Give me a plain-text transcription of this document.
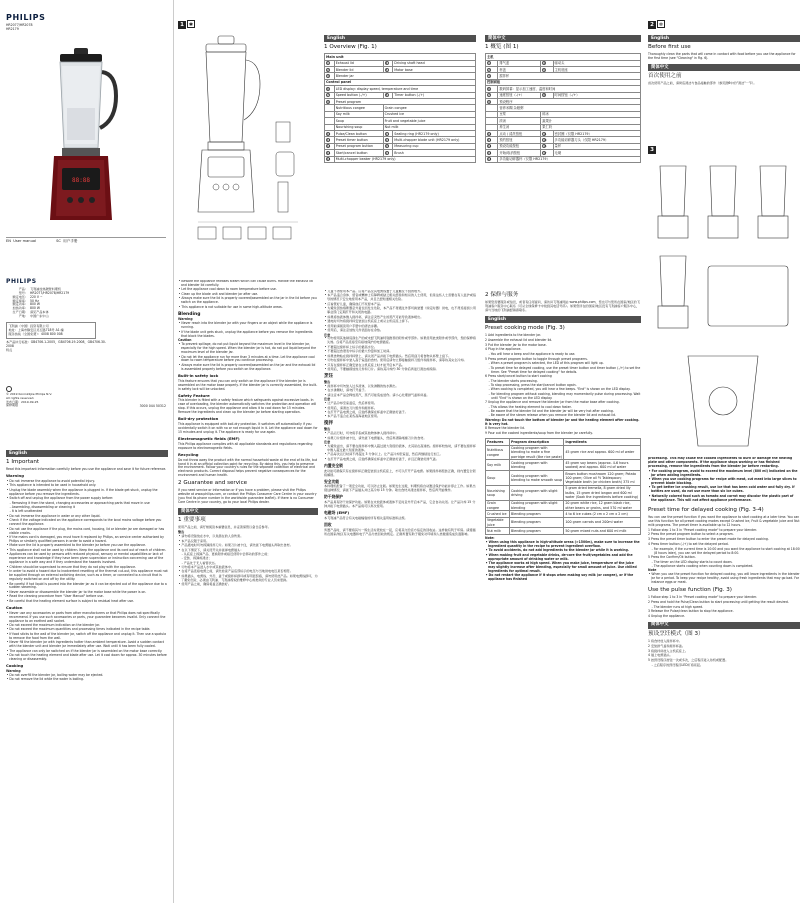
PHILIPS
HR2077/HR2078
HR2179
88:88
EN User manual	SC 用户手册
PHILIPS
产品： 飞利浦加热破壁料理机
型号： HR2077/HR2078/HR2179
额定电压： 220 V ~
额定频率： 50 Hz
额定功率： 800 W
加热功率： 800 W
生产日期： 请见产品本体
产地： 中国广东中山
飞利浦（中国）投资有限公司
地址：上海市静安区灵石路718号 A1 幢
服务热线（全国免费）：4008 800 008
本产品执行标准：GB4706.1-2005，GB4706.19-2008，GB4706.30-2008
特点
© 2019 Koninklijke Philips N.V.
All rights reserved.
发布日期：2019-09-25
保修期限	3000 044 50312
English
1 Important
Read this important information carefully before you use the appliance and save it for future reference.
Warning
• Do not immerse the appliance to avoid potential injury.
• This appliance is intended to be used in household only.
• Unplug the blade assembly when the appliance is plugged in. If the blade get stuck, unplug the appliance before you remove the ingredients.
• Switch off and unplug the appliance from the power supply before:
- Removing it from the stand, changing accessories or approaching parts that move in use
- Assembling, disassembling or cleaning it
- It is left unattended
• Do not immerse the appliance in water or any other liquid.
• Check if the voltage indicated on the appliance corresponds to the local mains voltage before you connect the appliance.
• Do not use the appliance if the plug, the mains cord, housing, lid or blender jar are damaged or has visible cracks.
• If the mains cord is damaged, you must have it replaced by Philips, an service center authorized by Philips or similarly qualified persons in order to avoid a hazard.
• Make sure the lid is properly assembled to the blender jar before you use the appliance.
• This appliance shall not be used by children. Keep the appliance and its cord out of reach of children.
• Appliances can be used by persons with reduced physical, sensory or mental capabilities or lack of experience and knowledge if they have been given supervision or instruction concerning use of the appliance in a safe way and if they understand the hazards involved.
• Children should be supervised to ensure that they do not play with the appliance.
• In order to avoid a hazard due to inadvertent resetting of the thermal cut-out, this appliance must not be supplied through an external switching device, such as a timer, or connected to a circuit that is regularly switched on and off by the utility.
• Be careful if hot liquid is poured into the blender jar as it can be ejected out of the appliance due to a sudden steaming.
• Never assemble or disassemble the blender jar to the motor base while the power is on.
• Read the cleaning procedure from "User Manual" before use.
• Be careful that the heating element surface is subject to residual heat after use.
Caution
• Never use any accessories or parts from other manufacturers or that Philips does not specifically recommend. If you use such accessories or parts, your guarantee becomes invalid. Only connect the appliance to an earthed wall socket.
• Do not exceed the maximum indication on the blender jar.
• Do not exceed the maximum quantities and processing times indicated in the recipe table.
• If food sticks to the wall of the blender jar, switch off the appliance and unplug it. Then use a spatula to remove the food from the wall.
• Never fill the blender jar with ingredients hotter than ambient temperature. Avoid a sudden contact with the blender unit and blender jar immediately after use. Wait until it has been fully cooled.
• The appliance can only be switched on if the blender jar is assembled on the motor base correctly.
• Do not touch the heating element and blade after use. Let it cool down for approx. 30 minutes before cleaning or disassembly.
Cooking
Warning
• Do not overfill the blender jar, boiling water may be ejected.
• Do not remove the lid while the water is boiling.
1 ✱
• Beware the appliance releases steam which can cause burns. Handle the exhaust lid and blender lid carefully.
• Let the appliance cool down to room temperature before use.
• Clean up the blade unit and blender jar after use.
• Always make sure the lid is properly covered/assembled on the jar in the lid before you switch on the appliance.
• This appliance is not suitable for use in some high-altitude areas.
Blending
Warning
• Never reach into the blender jar with your fingers or an object while the appliance is running.
• If the blade unit gets stuck, unplug the appliance before you remove the ingredients that block the blades.
Caution
• To prevent spillage, do not put liquid beyond the maximum level in the blender jar, especially for the high speed. When the blender jar is hot, do not put liquid beyond the maximum level of the blender jar.
• Do not let the appliance run for more than 3 minutes at a time. Let the appliance cool down to room temperature before you continue processing.
• Always make sure the lid is properly covered/assembled on the jar and the exhaust lid is assembled properly before you switch on the appliance.
Built-in safety lock
This feature ensures that you can only switch on the appliance if the blender jar is assembled on the motor base properly. If the blender jar is correctly assembled, the built-in safety lock will be unlocked.
Safety Feature
This blender is fitted with a safety feature which safeguards against excessive loads. In case of overloading, the blender automatically switches the protection and operation will stop. If this occurs, unplug the appliance and allow it to cool down for 15 minutes. Remove the ingredients and clean up the blender jar before starting operation.
Boil-dry protection
This appliance is equipped with boil-dry protection. It switches off automatically if you accidentally switch it on with no or not enough liquid in it. Let the appliance cool down for 15 minutes and unplug it. The appliance is ready for use again.
Electromagnetic fields (EMF)
This Philips appliance complies with all applicable standards and regulations regarding exposure to electromagnetic fields.
Recycling
Do not throw away the product with the normal household waste at the end of its life, but hand it in at an official collection point for recycling. By doing this, you help to preserve the environment. Follow your country's rules for the separate collection of electrical and electronic products. Correct disposal helps prevent negative consequences for the environment and human health.
2 Guarantee and service
If you need service or information or if you have a problem, please visit the Philips website at www.philips.com, or contact the Philips Consumer Care Centre in your country (you find its phone number in the worldwide guarantee leaflet). If there is no Consumer Care Centre in your country, go to your local Philips dealer.
简体中文
1 重要事项
使用产品之前，请仔细阅读本重要信息，并妥善保管以备日后参考。
警告
• 请勿将设备放在水中，以免潜在的人身伤害。
• 本产品仅限于家用。
• 产品通电时切勿拆卸搅拌刀片。如果刀片被卡住，请先拔下电源插头再取出食材。
• 在以下情况下，请关闭开关并拔掉电源插头：
- 从底座上拆卸产品、更换附件或接近使用中会移动的部件之前；
- 安装、拆卸或清洁；
- 产品处于无人看管状态。
• 切勿将本产品浸入水中或其他液体中。
• 在将产品连接电源之前，请先检查产品底部标示的电压与当地供电电压是否相符。
• 如果插头、电源线、外壳、盖子或搅拌杯损坏或有明显裂痕，请勿使用此产品。如果电源线损坏，为了避免危险，必须由飞利浦、飞利浦授权的维修中心或类似的专业人员来更换。
• 使用产品之前，确保将盖正确装好。
English
1 Overview (Fig. 1)
Main unit			
1	Exhaust lid	4	Driving shaft head
2	Blender lid	5	Motor base
3	Blender jar		
Control panel			
6	LED display: display speed, temperature and time		
7	Speed button (-/+)	8	Timer button (-/+)
9	Preset program		
	Nutritious congee	Grain congee	
	Soy milk	Crushed ice	
	Soup	Fruit and vegetable juice	
	Nourishing soup	Nut milk	
10	Pulse/Clean button	11	Sealing ring (HR2179 only)
12	Preset timer button	13	Multi-chopper blade unit (HR2179 only)
14	Preset program button	15	Measuring cup
16	Start/cancel button	17	Brush
18	Multi-chopper beaker (HR2179 only)		
• 儿童不得使用本产品。应将产品及其电源线置于儿童触及不到的地方。
• 本产品适合身体、感官或精神上有障碍或缺乏相关经验和知识的人士使用，但是这些人士需要在有人监护或指导的情况下安全地使用本产品，并且已经知道相关危险。
• 应看管好儿童，确保他们不玩耍本产品。
• 为避免因热熔断器意外复位而发生危险，本产品不得通过外部切换装置（如定时器）供电，也不得连接到公用事业部门定期打开和关闭的电路。
• 如果将热液体倒入搅拌杯，请注意突然产生的蒸汽可能导致液体喷出。
• 通电时切勿将搅拌杯安装到主机底座上或从主机底座上拆下。
• 使用前请阅读用户手册中的清洁步骤。
• 使用后，请注意加热元件表面存在余热。
注意
• 切勿使用其他制造商生产的或未经飞利浦特别推荐的附件或零部件。如果使用此类附件或零部件，您的保修将失效。仅将产品连接至有接地保护的电源插座。
• 不要超过搅拌杯上标示的最高水位。
• 不要超过食谱表中标示的最大份量和加工时间。
• 如果食物粘在搅拌杯壁上，请关闭产品并拔下电源插头。然后用刮刀将食物从杯壁上刮下。
• 切勿在搅拌杯中装入高于室温的食材。使用后请勿立即接触搅拌刀组件和搅拌杯，请等待其完全冷却。
• 只有在搅拌杯正确安装在主机底座上时才能开启本产品。
• 使用后，不要触摸加热元件和刀片。请待其冷却约 30 分钟后再进行清洁或拆卸。
烹饪
警告
• 搅拌杯中切勿装入过多液体，以免沸腾的热水溅出。
• 在水沸腾时，请勿打开盖子。
• 请注意本产品会释放蒸汽，蒸汽可能造成烫伤。请小心处理排气盖和杯盖。
注意
• 让产品冷却至室温后，然后再使用。
• 使用后，请清洁刀片组件和搅拌杯。
• 在打开产品电源之前，应始终确保在杯盖中正确装好盖子。
• 本产品不适合在某些高海拔地区使用。
搅拌
警告
• 产品运行时，切勿将手指或其他物体伸入搅拌杯中。
• 如果刀片组件被卡住，请先拔下电源插头，然后再清除堵塞刀片的食材。
注意
• 为避免溢出，请不要在搅拌杯中倒入超过最大刻度的液体，尤其是在高速档。搅拌杯较热时，请不要在搅拌杯中倒入超过最大刻度的液体。
• 产品每次运行时间不得超过 3 分钟以上。让产品冷却至室温，然后再继续进行加工。
• 在打开产品电源之前，应始终确保在杯盖中正确装好盖子，并且正确装好排气盖。
内置安全锁
此功能可确保只有在搅拌杯正确安装到主机底座上，才可以打开产品电源。如果搅拌杯组装正确，则内置安全锁将解锁。
安全功能
本料理机配备了一项安全功能，可以防止过载。如果发生过载，料理机将自动激活保护功能并停止工作。如果出现这种情况，请拔下产品插头并让其冷却 15 分钟。取出食材并清洁搅拌杯，然后再开始操作。
防干烧保护
本产品具有防干烧保护功能。如果在未放液体或液体不足时意外开启本产品，它会自动关闭。让产品冷却 15 分钟并拔下电源插头。本产品将可以再次使用。
电磁场 (EMF)
本飞利浦产品符合有关电磁辐射的所有相关适用标准和法规。
回收
弃置产品时，请不要将其与一般生活垃圾放在一起，应将其交给官方指定的回收站。这样做有利于环保。请遵循所在国家/地区有关电器和电子产品分类回收的规定。正确弃置有助于避免对环境和人类健康造成负面影响。
简体中文
1 概览 (图 1)
主机			
1	排气盖	4	驱动头
2	杯盖	5	主机底座
3	搅拌杯		
控制面板			
6	数码屏幕：显示加工速度、温度和时间		
7	速度按钮（-/+）	8	时间按钮（-/+）
9	预设程序		
	营养米糊 杂粮粥		
	豆浆	碎冰	
	浓汤	蔬果汁	
	养生汤	果仁奶	
10	点动 / 清洗按钮	11	密封圈（仅限 HR2179）
12	预约按钮	13	多功能切碎器刀头（仅限 HR2179）
14	预设功能按钮	15	量杯
16	开始/取消按钮	17	毛刷
18	多功能切碎器杯（仅限 HR2179）		
2 保修与服务
如果您需要服务或信息，或者有任何疑问，请访问飞利浦网站 www.philips.com，您也可与您所在国家/地区的飞利浦客户服务中心联系（可从全球保修卡中找到其电话号码）。如果您所在的国家/地区没有飞利浦客户服务中心，请与当地的飞利浦经销商联系。
English
Preset cooking mode (Fig. 3)
1 Add ingredients to the blender jar.
2 Assemble the exhaust lid and blender lid.
3 Put the blender jar to the motor base.
4 Plug in the appliance.
- You will hear a beep and the appliance is ready to use.
5 Press preset program button to toggle through preset programs.
- When a preset program is selected, the LED of this program will light up.
- To preset time for delayed cooking, use the preset timer button and timer button (-/+) to set the timer. See "Preset time for delayed cooking" for details.
6 Press start/cancel button to start cooking
- The blender starts processing.
- To stop processing, press the start/cancel button again.
- When cooking is completed, you will hear a few beeps. "End" is shown on the LED display.
- For blending program without cooking, blending may momentarily pulse during processing. Wait until "End" is shown on the LED display.
7 Unplug the appliance and remove the blender jar from the motor base after cooking.
- This allows the heating element to cool down faster.
- Be aware that the blender lid and the blender jar will be very hot after cooking.
- Be aware of the steam release when you remove the blender lid and exhaust lid.
Warning: Do not touch the bottom of blender jar and the heating element after cooking. It is very hot.
8 Remove the blender lid.
9 Pour out the cooked ingredients/soup from the blender jar carefully.
Features	Program description	Ingredients
Nutritious congee	Cooking program with blending to make a fine porridge result (like rice paste)	45 gram rice and approx. 600 ml of water
Soy milk	Cooking program with blending	45 gram soy beans (approx. 4-6 hours soaked) and approx. 600 ml of water
Soup	Cooking program with blending to make smooth soup	Brown button mushroom 120 gram; Potato 100 gram; Olive oil ½ Tablespoon; Vegetable broth (or chicken broth) 375 ml
Nourishing soup	Cooking program with slight driving	5 gram dried tremella, 8 gram dried lily bulbs, 15 gram dried longan and 600 ml water (Soak the ingredients before cooking)
Grain congee	Cooking program with slight blending	20 gram white rice, 12 gram black rice, other beans or grains, and 570 ml water
Crushed ice	Blending program	4 to 6 ice cubes (2 cm x 2 cm x 2 cm)
Vegetable juice	Blending program	100 gram carrots and 200ml water
Nut milk	Blending program	50 gram mixed nuts and 600 ml milk
Note:
• When using this appliance in high-altitude areas (>1500m), make sure to increase the ingredient quantity in the recipe to prevent ingredient overflow.
• To avoid accidents, do not add ingredients to the blender jar while it is working.
• When making fruit and vegetable drinks, de-core the fruit/vegetables and add the appropriate amount of drinking water or milk.
• The appliance works at high speed. When you make juice, temperature of the juice may slightly increase after blending, especially for small amount of juice. Use chilled ingredients for optimal result.
• Do not restart the appliance if it stops when making soy milk (or congee), or if the appliance has finished
2 ❄
English
Before first use
Thoroughly clean the parts that will come in contact with food before you use the appliance for the first time (see "Cleaning" in Fig. 6).
简体中文
首次使用之前
首次使用产品之前，请彻底清洁与食品接触的部件（参见图6中的"清洁"一节）。
3
processing. This may cause the cooked ingredients to burn or damage the heating plate and other components. If the appliance stops working or has finished processing, remove the ingredients from the blender jar before restarting.
• For cooking program, avoid to exceed the maximum level (800 ml) indicated on the jar when adding ingredients.
• When you use cooking programs for recipe with meat, cut meat into large slices to prevent blade blocking.
• To get better ice crushing result, use ice that has been cold water and fully dry. If bottles are used, do not use more than six ice cubes.
• Naturally colored food such as tomato and carrot may discolor the plastic part of the appliance. This will not affect appliance performance.
Preset time for delayed cooking (Fig. 3-4)
You can use the preset function if you want the appliance to start cooking at a later time. You can use this function for all preset cooking modes except Crushed ice, Fruit & vegetable juice and Nut milk programs. The preset timer is available up to 12 hours.
1 Follow step 1 to 3 in "Preset cooking mode" to prepare your blender.
2 Press the preset program button to select a program.
3 Press the preset timer button to enter the preset mode for delayed cooking.
4 Press timer button (-/+) to set the delayed period.
- For example, if the current time is 10:00 and you want the appliance to start cooking at 18:00 (8 hours later), you can set the delayed period to 8:00.
5 Press the Confirm/Ok button.
- The timer on the LED display starts to count down.
- The appliance starts cooking when counting down is completed.
Note
• When you use the preset function for delayed cooking, you will leave ingredients in the blender jar for a period. To keep your recipe healthy, avoid using fresh ingredients that may go bad. For instance eggs or meat.
Use the pulse function (Fig. 3)
1 Follow step 1 to 3 in "Preset cooking mode" to prepare your blender.
2 Press and hold the Pulse/Clean button to start processing until getting the result desired.
- The blender runs at high speed.
3 Release the Pulse/clean button to stop the appliance.
4 Unplug the appliance.
简体中文
预设烹饪模式（图 3）
1 将食材放入搅拌杯中。
2 安装排气盖和搅拌杯盖。
3 将搅拌杯放入主机底座上。
4 插上电源插头。
5 按预设程序按钮一次或多次，之后程序进入待机或配置。
- 之后程序的预设程序LED灯将亮起。
